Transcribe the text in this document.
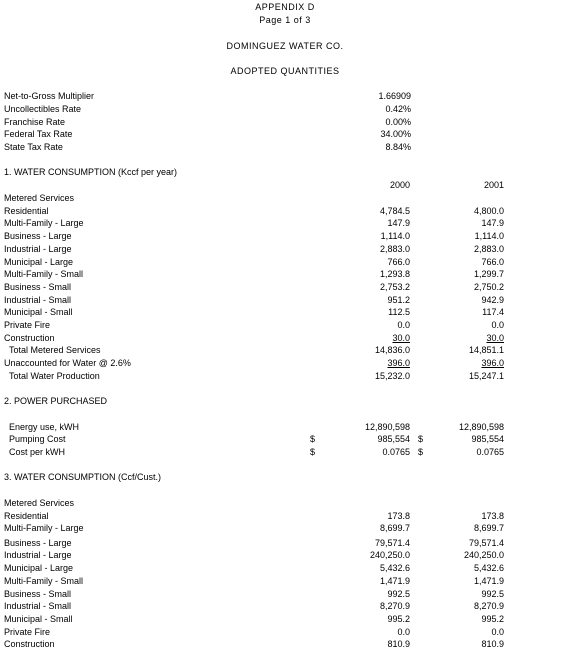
APPENDIX D
Page 1 of 3
DOMINGUEZ WATER CO.
ADOPTED QUANTITIES
Net-to-Gross Multiplier	1.66909
Uncollectibles Rate	0.42%
Franchise Rate	0.00%
Federal Tax Rate	34.00%
State Tax Rate	8.84%
1. WATER CONSUMPTION (Kccf per year)
2000	2001
Metered Services
Residential	4,784.5	4,800.0
Multi-Family - Large	147.9	147.9
Business - Large	1,114.0	1,114.0
Industrial - Large	2,883.0	2,883.0
Municipal - Large	766.0	766.0
Multi-Family - Small	1,293.8	1,299.7
Business - Small	2,753.2	2,750.2
Industrial - Small	951.2	942.9
Municipal - Small	112.5	117.4
Private Fire	0.0	0.0
Construction	30.0	30.0
Total Metered Services	14,836.0	14,851.1
Unaccounted for Water @ 2.6%	396.0	396.0
Total Water Production	15,232.0	15,247.1
2. POWER PURCHASED
Energy use, kWH	12,890,598	12,890,598
Pumping Cost	$	985,554 $	985,554
Cost per kWH	$	0.0765 $	0.0765
3. WATER CONSUMPTION (Ccf/Cust.)
Metered Services
Residential	173.8	173.8
Multi-Family - Large	8,699.7	8,699.7
Business - Large	79,571.4	79,571.4
Industrial - Large	240,250.0	240,250.0
Municipal - Large	5,432.6	5,432.6
Multi-Family - Small	1,471.9	1,471.9
Business - Small	992.5	992.5
Industrial - Small	8,270.9	8,270.9
Municipal - Small	995.2	995.2
Private Fire	0.0	0.0
Construction	810.9	810.9
